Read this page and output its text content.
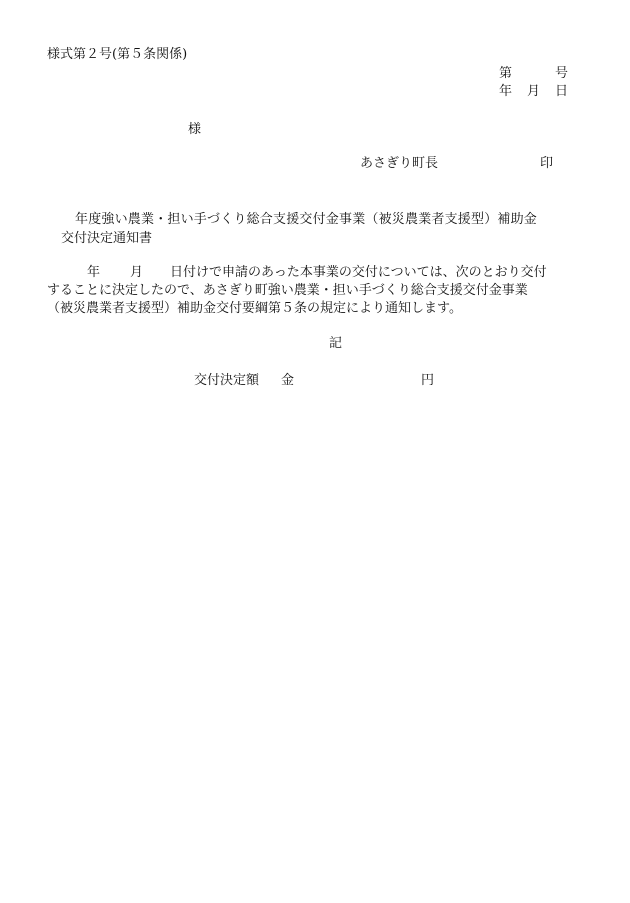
様式第２号(第５条関係)
第	号
年 月 日
様
あさぎり町長	印
年度強い農業・担い手づくり総合支援交付金事業（被災農業者支援型）補助金
交付決定通知書
年 月 日付けで申請のあった本事業の交付については、次のとおり交付
することに決定したので、あさぎり町強い農業・担い手づくり総合支援交付金事業
（被災農業者支援型）補助金交付要綱第５条の規定により通知します。
記
交付決定額 金	円
